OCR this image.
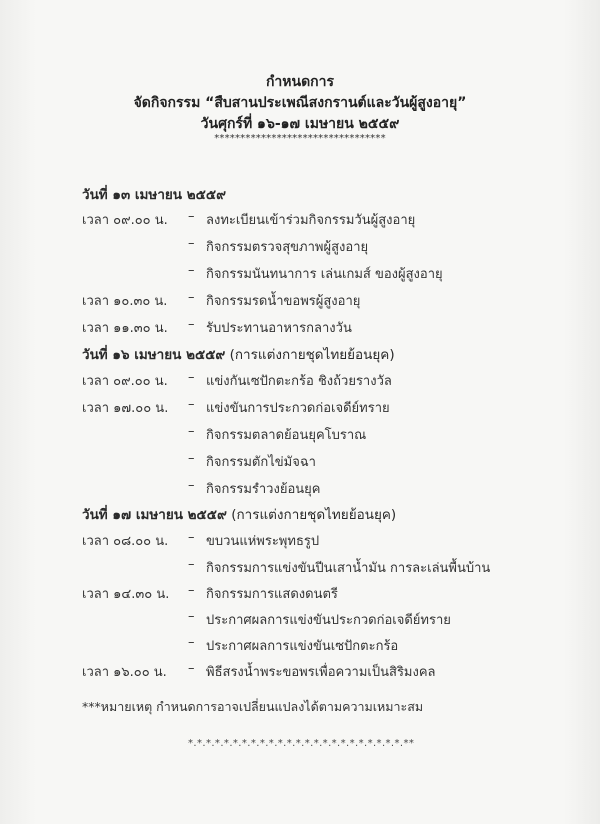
กำหนดการ
จัดกิจกรรม “สืบสานประเพณีสงกรานต์และวันผู้สูงอายุ”
วันศุกร์ที่ ๑๖-๑๗ เมษายน ๒๕๕๙
*********************************
วันที่ ๑๓ เมษายน ๒๕๕๙
เวลา ๐๙.๐๐ น. – ลงทะเบียนเข้าร่วมกิจกรรมวันผู้สูงอายุ
– กิจกรรมตรวจสุขภาพผู้สูงอายุ
– กิจกรรมนันทนาการ เล่นเกมส์ ของผู้สูงอายุ
เวลา ๑๐.๓๐ น. – กิจกรรมรดน้ำขอพรผู้สูงอายุ
เวลา ๑๑.๓๐ น. – รับประทานอาหารกลางวัน
วันที่ ๑๖ เมษายน ๒๕๕๙ (การแต่งกายชุดไทยย้อนยุค)
เวลา ๐๙.๐๐ น. – แข่งกันเซปักตะกร้อ ชิงถ้วยรางวัล
เวลา ๑๗.๐๐ น. – แข่งขันการประกวดก่อเจดีย์ทราย
– กิจกรรมตลาดย้อนยุคโบราณ
– กิจกรรมตักไข่มัจฉา
– กิจกรรมรำวงย้อนยุค
วันที่ ๑๗ เมษายน ๒๕๕๙ (การแต่งกายชุดไทยย้อนยุค)
เวลา ๐๘.๐๐ น. – ขบวนแห่พระพุทธรูป
– กิจกรรมการแข่งขันปีนเสาน้ำมัน การละเล่นพื้นบ้าน
เวลา ๑๔.๓๐ น. – กิจกรรมการแสดงดนตรี
– ประกาศผลการแข่งขันประกวดก่อเจดีย์ทราย
– ประกาศผลการแข่งขันเซปักตะกร้อ
เวลา ๑๖.๐๐ น. – พิธีสรงน้ำพระขอพรเพื่อความเป็นสิริมงคล
***หมายเหตุ กำหนดการอาจเปลี่ยนแปลงได้ตามความเหมาะสม
*.*.*.*.*.*.*.*.*.*.*.*.*.*.*.*.*.*.*.*.*.*.*.*.**
